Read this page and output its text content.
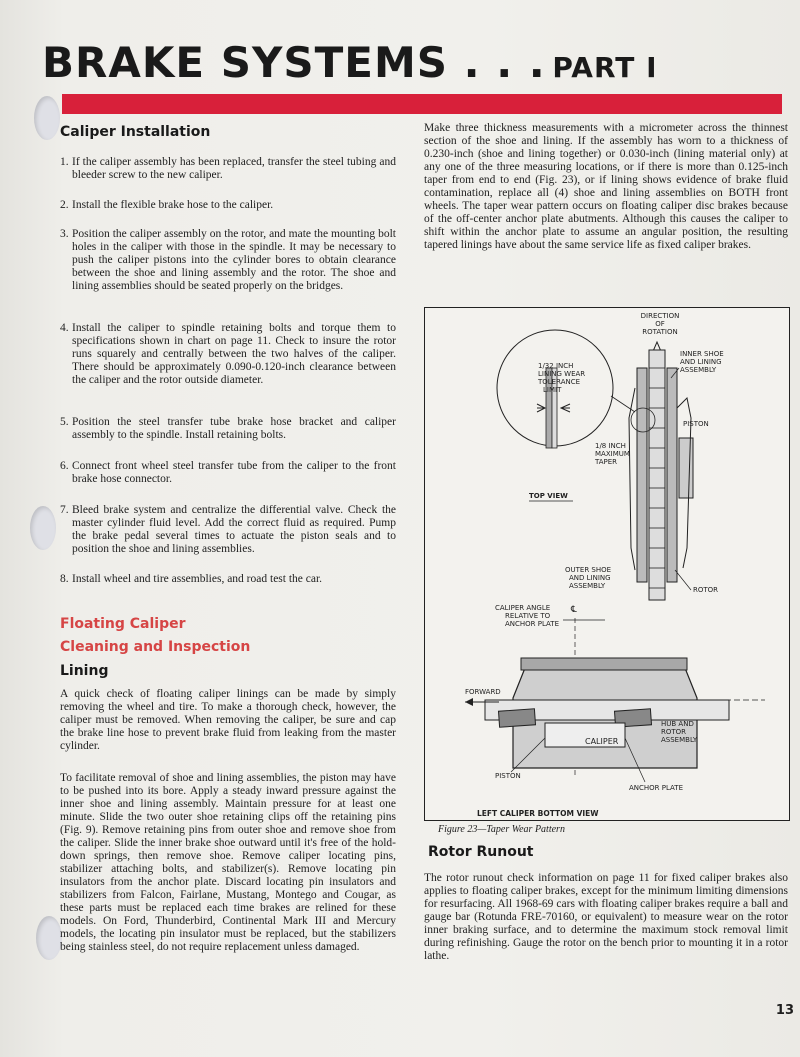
BRAKE SYSTEMS . . . PART I
Caliper Installation
1. If the caliper assembly has been replaced, transfer the steel tubing and bleeder screw to the new caliper.
2. Install the flexible brake hose to the caliper.
3. Position the caliper assembly on the rotor, and mate the mounting bolt holes in the caliper with those in the spindle. It may be necessary to push the caliper pistons into the cylinder bores to obtain clearance between the shoe and lining assembly and the rotor. The shoe and lining assemblies should be seated properly on the bridges.
4. Install the caliper to spindle retaining bolts and torque them to specifications shown in chart on page 11. Check to insure the rotor runs squarely and centrally between the two halves of the caliper. There should be approximately 0.090-0.120-inch clearance between the caliper and the rotor outside diameter.
5. Position the steel transfer tube brake hose bracket and caliper assembly to the spindle. Install retaining bolts.
6. Connect front wheel steel transfer tube from the caliper to the front brake hose connector.
7. Bleed brake system and centralize the differential valve. Check the master cylinder fluid level. Add the correct fluid as required. Pump the brake pedal several times to actuate the piston seals and to position the shoe and lining assemblies.
8. Install wheel and tire assemblies, and road test the car.
Floating Caliper
Cleaning and Inspection
Lining

A quick check of floating caliper linings can be made by simply removing the wheel and tire. To make a thorough check, however, the caliper must be removed. When removing the caliper, be sure and cap the brake line hose to prevent brake fluid from leaking from the master cylinder.

To facilitate removal of shoe and lining assemblies, the piston may have to be pushed into its bore. Apply a steady inward pressure against the inner shoe and lining assembly. Maintain pressure for at least one minute. Slide the two outer shoe retaining clips off the retaining pins (Fig. 9). Remove retaining pins from outer shoe and remove shoe from the caliper. Slide the inner brake shoe outward until it's free of the hold-down springs, then remove shoe. Remove caliper locating pins, stabilizer attaching bolts, and stabilizer(s). Remove locating pin insulators from the anchor plate. Discard locating pin insulators and stabilizers from Falcon, Fairlane, Mustang, Montego and Cougar, as these parts must be replaced each time brakes are relined for these models. On Ford, Thunderbird, Continental Mark III and Mercury models, the locating pin insulator must be replaced, but the stabilizers being stainless steel, do not require replacement unless damaged.

Make three thickness measurements with a micrometer across the thinnest section of the shoe and lining. If the assembly has worn to a thickness of 0.230-inch (shoe and lining together) or 0.030-inch (lining material only) at any one of the three measuring locations, or if there is more than 0.125-inch taper from end to end (Fig. 23), or if lining shows evidence of brake fluid contamination, replace all (4) shoe and lining assemblies on BOTH front wheels. The taper wear pattern occurs on floating caliper disc brakes because of the off-center anchor plate abutments. Although this causes the caliper to shift within the anchor plate to assume an angular position, the resulting tapered linings have about the same service life as fixed caliper brakes.

DIRECTION
OF
ROTATION
INNER SHOE
AND LINING
ASSEMBLY
1/32 INCH
LINING WEAR
TOLERANCE
LIMIT
PISTON
1/8 INCH
MAXIMUM
TAPER
TOP VIEW
OUTER SHOE
AND LINING
ASSEMBLY	ROTOR
CALIPER ANGLE
RELATIVE TO
ANCHOR PLATE
℄
FORWARD
HUB AND
ROTOR
ASSEMBLY
CALIPER
PISTON
ANCHOR PLATE
LEFT CALIPER BOTTOM VIEW
Figure 23—Taper Wear Pattern
Rotor Runout

The rotor runout check information on page 11 for fixed caliper brakes also applies to floating caliper brakes, except for the minimum limiting dimensions for resurfacing. All 1968-69 cars with floating caliper brakes require a ball and gauge bar (Rotunda FRE-70160, or equivalent) to measure wear on the rotor inner braking surface, and to determine the maximum stock removal limit during refinishing. Gauge the rotor on the bench prior to mounting it in a rotor lathe.

13
